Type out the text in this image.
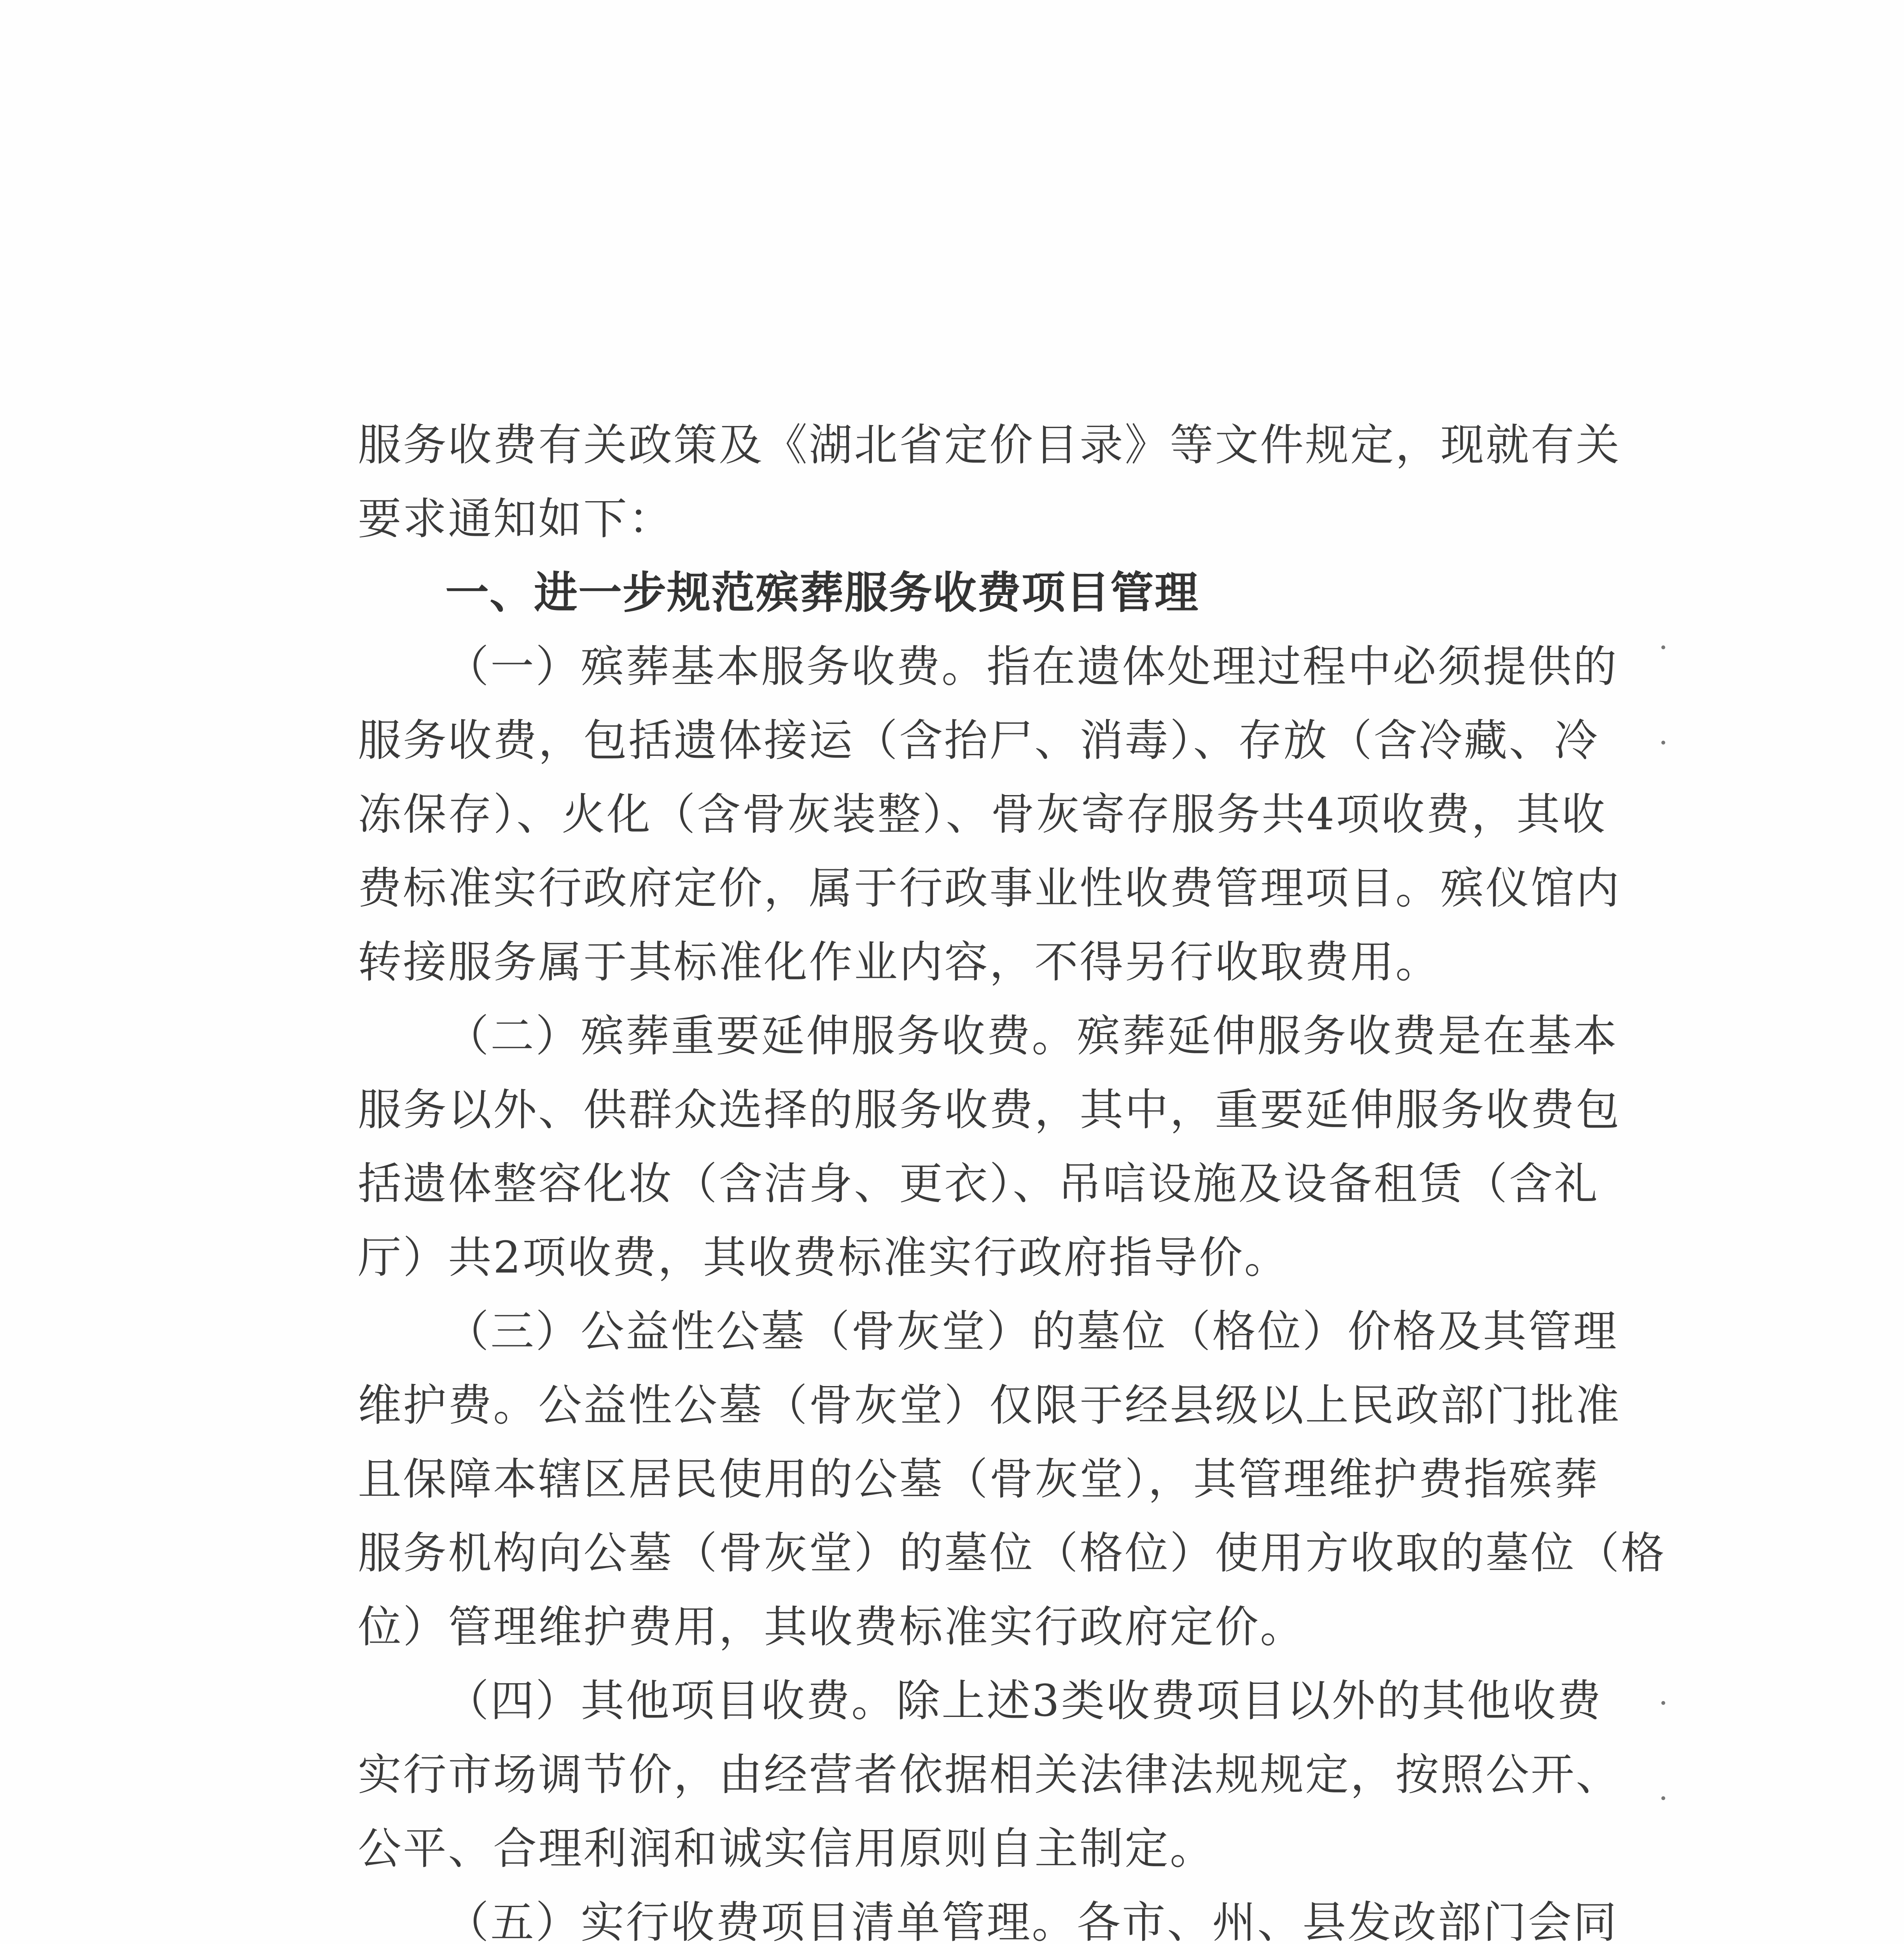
服务收费有关政策及《湖北省定价目录》等文件规定，现就有关
要求通知如下：
一、进一步规范殡葬服务收费项目管理
（一）殡葬基本服务收费。指在遗体处理过程中必须提供的
服务收费，包括遗体接运（含抬尸、消毒）、存放（含冷藏、冷
冻保存）、火化（含骨灰装整）、骨灰寄存服务共4项收费，其收
费标准实行政府定价，属于行政事业性收费管理项目。殡仪馆内
转接服务属于其标准化作业内容，不得另行收取费用。
（二）殡葬重要延伸服务收费。殡葬延伸服务收费是在基本
服务以外、供群众选择的服务收费，其中，重要延伸服务收费包
括遗体整容化妆（含洁身、更衣）、吊唁设施及设备租赁（含礼
厅）共2项收费，其收费标准实行政府指导价。
（三）公益性公墓（骨灰堂）的墓位（格位）价格及其管理
维护费。公益性公墓（骨灰堂）仅限于经县级以上民政部门批准
且保障本辖区居民使用的公墓（骨灰堂），其管理维护费指殡葬
服务机构向公墓（骨灰堂）的墓位（格位）使用方收取的墓位（格
位）管理维护费用，其收费标准实行政府定价。
（四）其他项目收费。除上述3类收费项目以外的其他收费
实行市场调节价，由经营者依据相关法律法规规定，按照公开、
公平、合理利润和诚实信用原则自主制定。
（五）实行收费项目清单管理。各市、州、县发改部门会同
